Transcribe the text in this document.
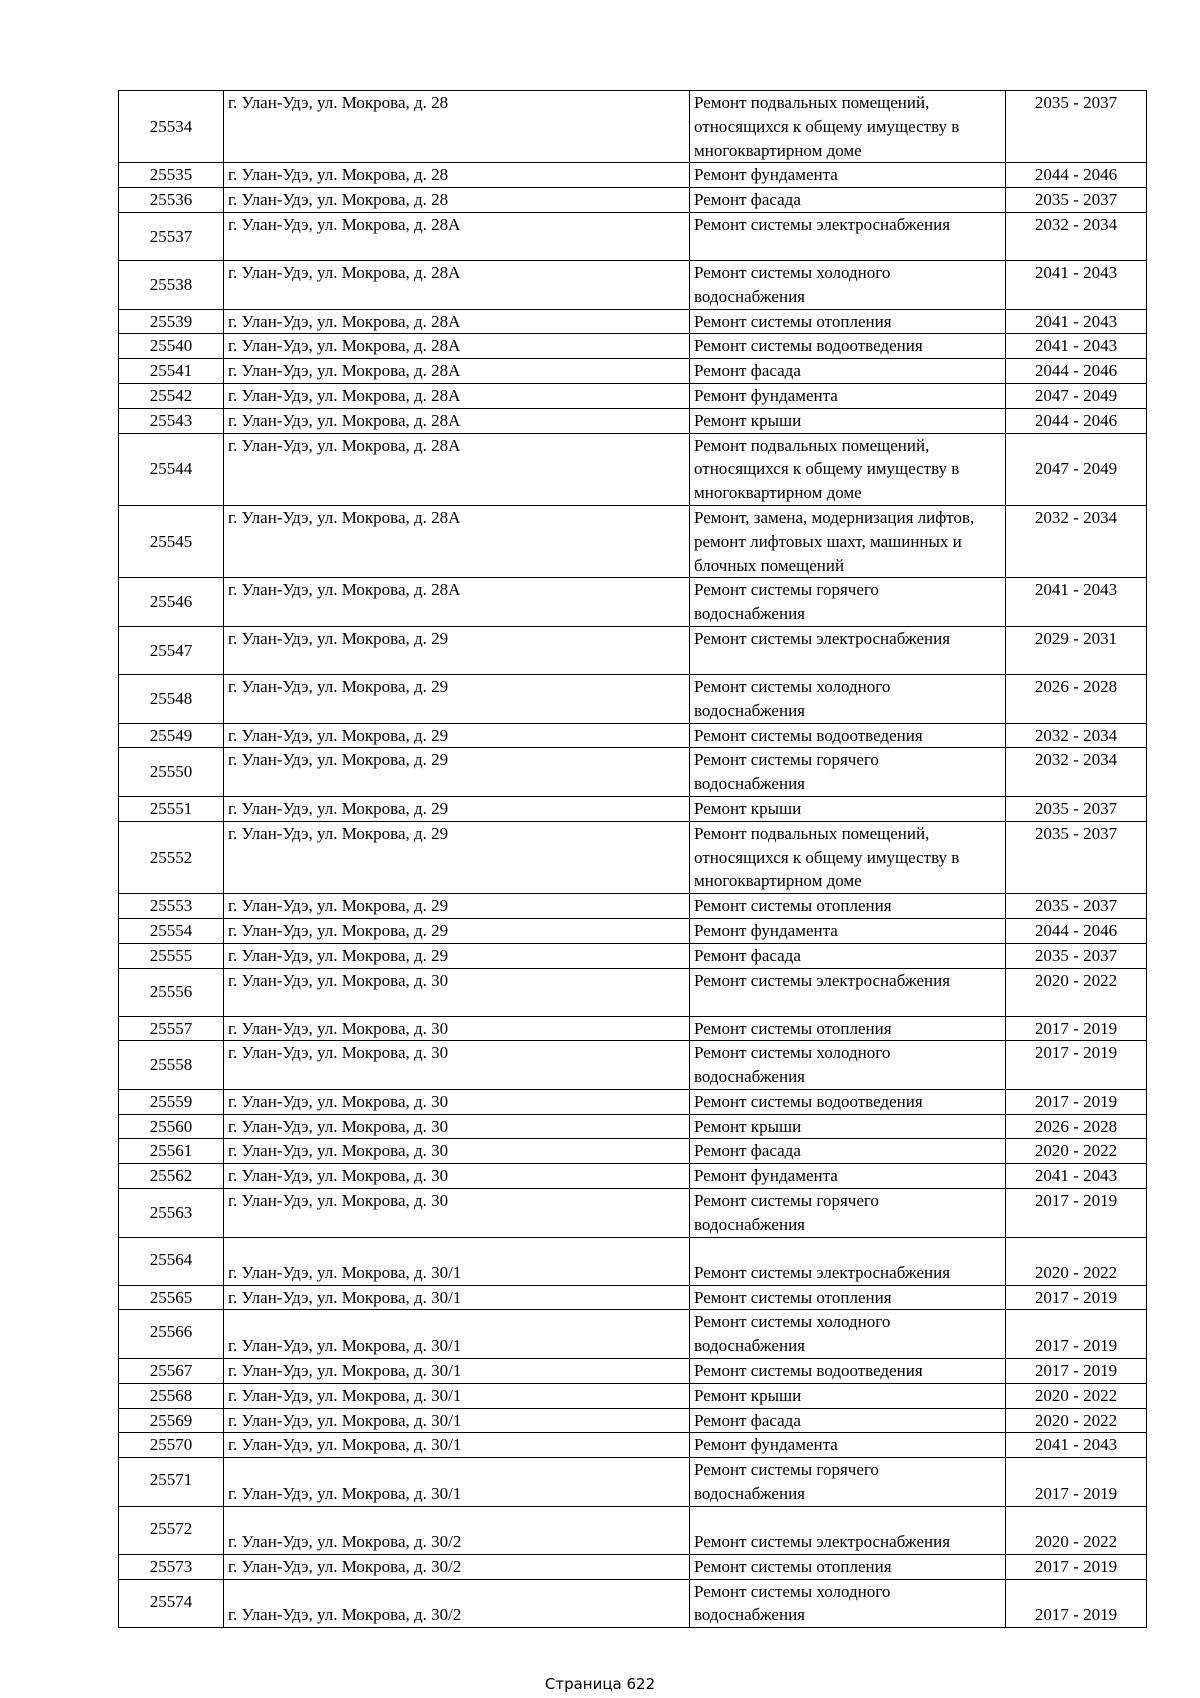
25534	г. Улан-Удэ, ул. Мокрова, д. 28	Ремонт подвальных помещений,
относящихся к общему имуществу в
многоквартирном доме	2035 - 2037
25535	г. Улан-Удэ, ул. Мокрова, д. 28	Ремонт фундамента	2044 - 2046
25536	г. Улан-Удэ, ул. Мокрова, д. 28	Ремонт фасада	2035 - 2037
25537	г. Улан-Удэ, ул. Мокрова, д. 28А	Ремонт системы электроснабжения	2032 - 2034
25538	г. Улан-Удэ, ул. Мокрова, д. 28А	Ремонт системы холодного
водоснабжения	2041 - 2043
25539	г. Улан-Удэ, ул. Мокрова, д. 28А	Ремонт системы отопления	2041 - 2043
25540	г. Улан-Удэ, ул. Мокрова, д. 28А	Ремонт системы водоотведения	2041 - 2043
25541	г. Улан-Удэ, ул. Мокрова, д. 28А	Ремонт фасада	2044 - 2046
25542	г. Улан-Удэ, ул. Мокрова, д. 28А	Ремонт фундамента	2047 - 2049
25543	г. Улан-Удэ, ул. Мокрова, д. 28А	Ремонт крыши	2044 - 2046
25544	г. Улан-Удэ, ул. Мокрова, д. 28А	Ремонт подвальных помещений,
относящихся к общему имуществу в
многоквартирном доме	2047 - 2049
25545	г. Улан-Удэ, ул. Мокрова, д. 28А	Ремонт, замена, модернизация лифтов,
ремонт лифтовых шахт, машинных и
блочных помещений	2032 - 2034
25546	г. Улан-Удэ, ул. Мокрова, д. 28А	Ремонт системы горячего
водоснабжения	2041 - 2043
25547	г. Улан-Удэ, ул. Мокрова, д. 29	Ремонт системы электроснабжения	2029 - 2031
25548	г. Улан-Удэ, ул. Мокрова, д. 29	Ремонт системы холодного
водоснабжения	2026 - 2028
25549	г. Улан-Удэ, ул. Мокрова, д. 29	Ремонт системы водоотведения	2032 - 2034
25550	г. Улан-Удэ, ул. Мокрова, д. 29	Ремонт системы горячего
водоснабжения	2032 - 2034
25551	г. Улан-Удэ, ул. Мокрова, д. 29	Ремонт крыши	2035 - 2037
25552	г. Улан-Удэ, ул. Мокрова, д. 29	Ремонт подвальных помещений,
относящихся к общему имуществу в
многоквартирном доме	2035 - 2037
25553	г. Улан-Удэ, ул. Мокрова, д. 29	Ремонт системы отопления	2035 - 2037
25554	г. Улан-Удэ, ул. Мокрова, д. 29	Ремонт фундамента	2044 - 2046
25555	г. Улан-Удэ, ул. Мокрова, д. 29	Ремонт фасада	2035 - 2037
25556	г. Улан-Удэ, ул. Мокрова, д. 30	Ремонт системы электроснабжения	2020 - 2022
25557	г. Улан-Удэ, ул. Мокрова, д. 30	Ремонт системы отопления	2017 - 2019
25558	г. Улан-Удэ, ул. Мокрова, д. 30	Ремонт системы холодного
водоснабжения	2017 - 2019
25559	г. Улан-Удэ, ул. Мокрова, д. 30	Ремонт системы водоотведения	2017 - 2019
25560	г. Улан-Удэ, ул. Мокрова, д. 30	Ремонт крыши	2026 - 2028
25561	г. Улан-Удэ, ул. Мокрова, д. 30	Ремонт фасада	2020 - 2022
25562	г. Улан-Удэ, ул. Мокрова, д. 30	Ремонт фундамента	2041 - 2043
25563	г. Улан-Удэ, ул. Мокрова, д. 30	Ремонт системы горячего
водоснабжения	2017 - 2019
25564	г. Улан-Удэ, ул. Мокрова, д. 30/1	Ремонт системы электроснабжения	2020 - 2022
25565	г. Улан-Удэ, ул. Мокрова, д. 30/1	Ремонт системы отопления	2017 - 2019
25566	г. Улан-Удэ, ул. Мокрова, д. 30/1	Ремонт системы холодного
водоснабжения	2017 - 2019
25567	г. Улан-Удэ, ул. Мокрова, д. 30/1	Ремонт системы водоотведения	2017 - 2019
25568	г. Улан-Удэ, ул. Мокрова, д. 30/1	Ремонт крыши	2020 - 2022
25569	г. Улан-Удэ, ул. Мокрова, д. 30/1	Ремонт фасада	2020 - 2022
25570	г. Улан-Удэ, ул. Мокрова, д. 30/1	Ремонт фундамента	2041 - 2043
25571	г. Улан-Удэ, ул. Мокрова, д. 30/1	Ремонт системы горячего
водоснабжения	2017 - 2019
25572	г. Улан-Удэ, ул. Мокрова, д. 30/2	Ремонт системы электроснабжения	2020 - 2022
25573	г. Улан-Удэ, ул. Мокрова, д. 30/2	Ремонт системы отопления	2017 - 2019
25574	г. Улан-Удэ, ул. Мокрова, д. 30/2	Ремонт системы холодного
водоснабжения	2017 - 2019
Страница 622
